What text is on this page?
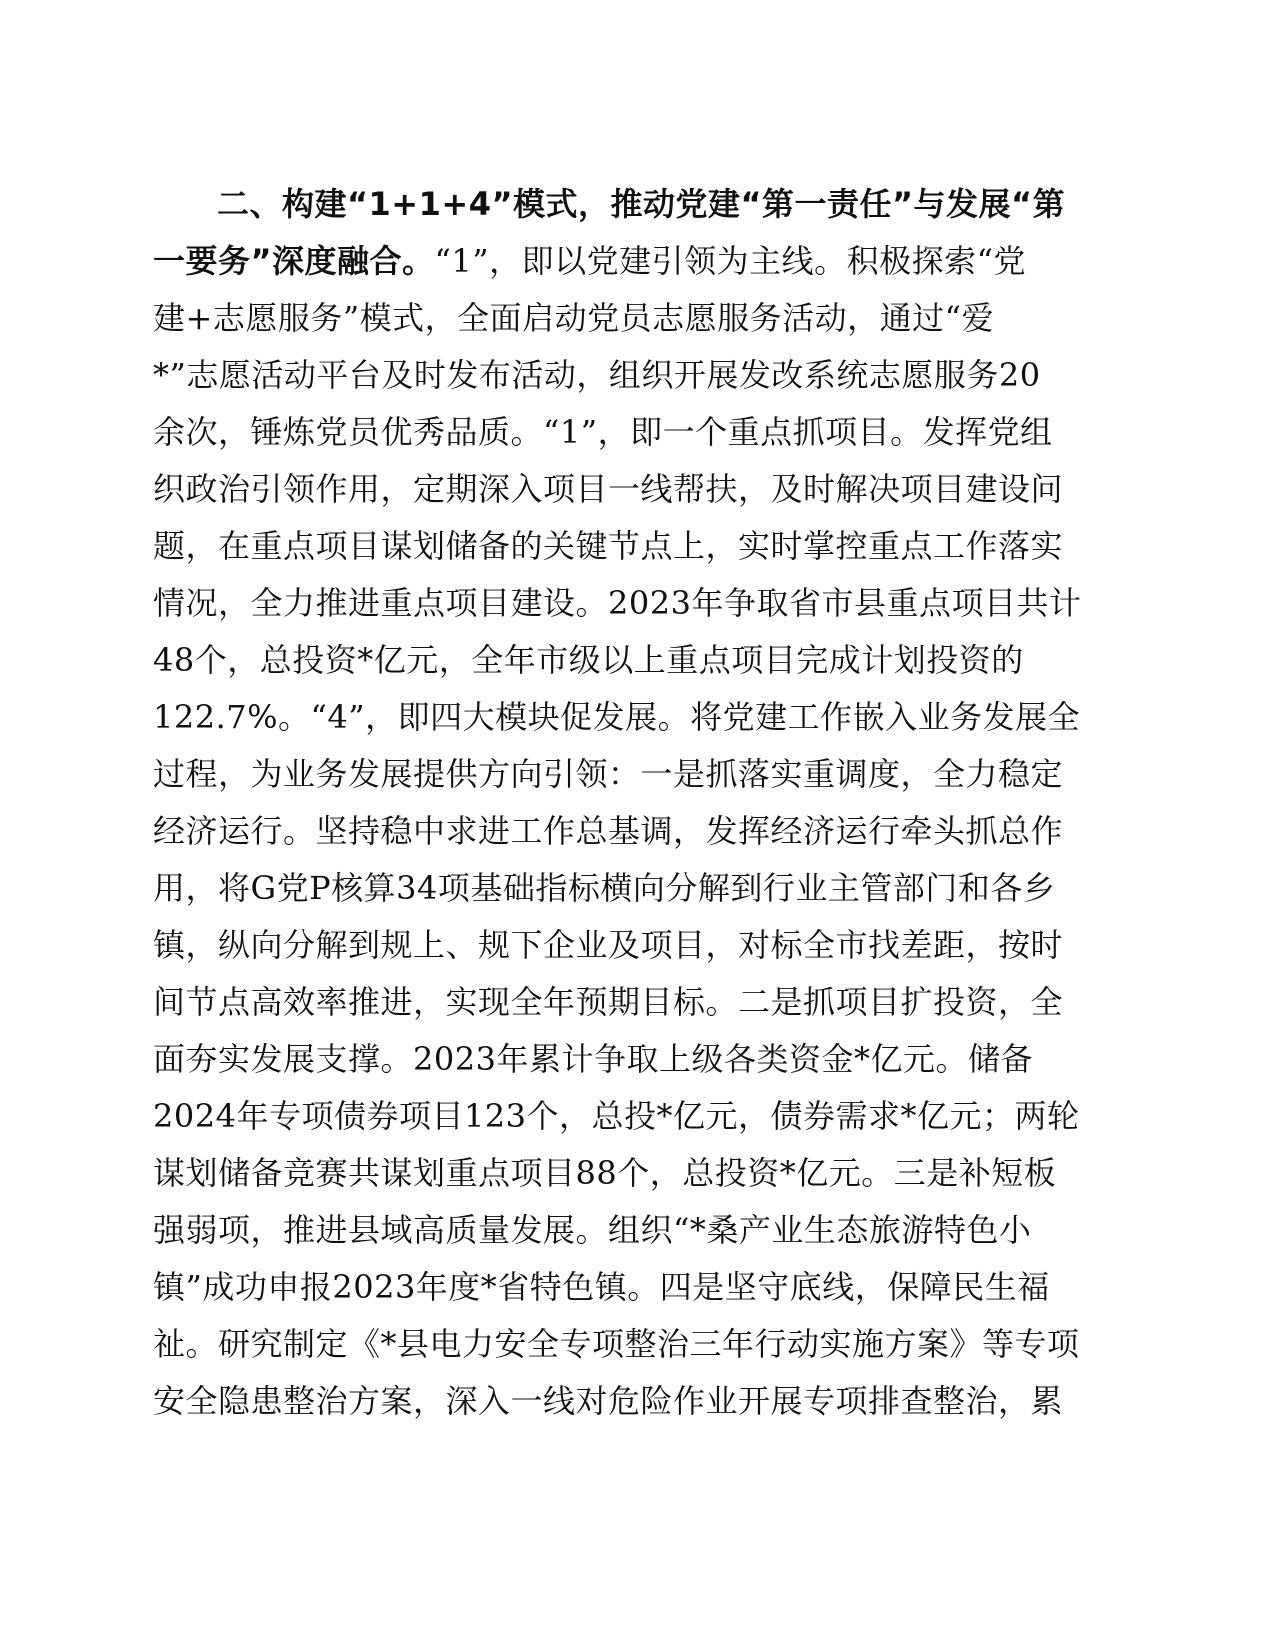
二、构建“1+1+4”模式，推动党建“第一责任”与发展“第
一要务”深度融合。“1”，即以党建引领为主线。积极探索“党
建+志愿服务”模式，全面启动党员志愿服务活动，通过“爱
*”志愿活动平台及时发布活动，组织开展发改系统志愿服务20
余次，锤炼党员优秀品质。“1”，即一个重点抓项目。发挥党组
织政治引领作用，定期深入项目一线帮扶，及时解决项目建设问
题，在重点项目谋划储备的关键节点上，实时掌控重点工作落实
情况，全力推进重点项目建设。2023年争取省市县重点项目共计
48个，总投资*亿元，全年市级以上重点项目完成计划投资的
122.7%。“4”，即四大模块促发展。将党建工作嵌入业务发展全
过程，为业务发展提供方向引领：一是抓落实重调度，全力稳定
经济运行。坚持稳中求进工作总基调，发挥经济运行牵头抓总作
用，将G党P核算34项基础指标横向分解到行业主管部门和各乡
镇，纵向分解到规上、规下企业及项目，对标全市找差距，按时
间节点高效率推进，实现全年预期目标。二是抓项目扩投资，全
面夯实发展支撑。2023年累计争取上级各类资金*亿元。储备
2024年专项债券项目123个，总投*亿元，债券需求*亿元；两轮
谋划储备竞赛共谋划重点项目88个，总投资*亿元。三是补短板
强弱项，推进县域高质量发展。组织“*桑产业生态旅游特色小
镇”成功申报2023年度*省特色镇。四是坚守底线，保障民生福
祉。研究制定《*县电力安全专项整治三年行动实施方案》等专项
安全隐患整治方案，深入一线对危险作业开展专项排查整治，累
